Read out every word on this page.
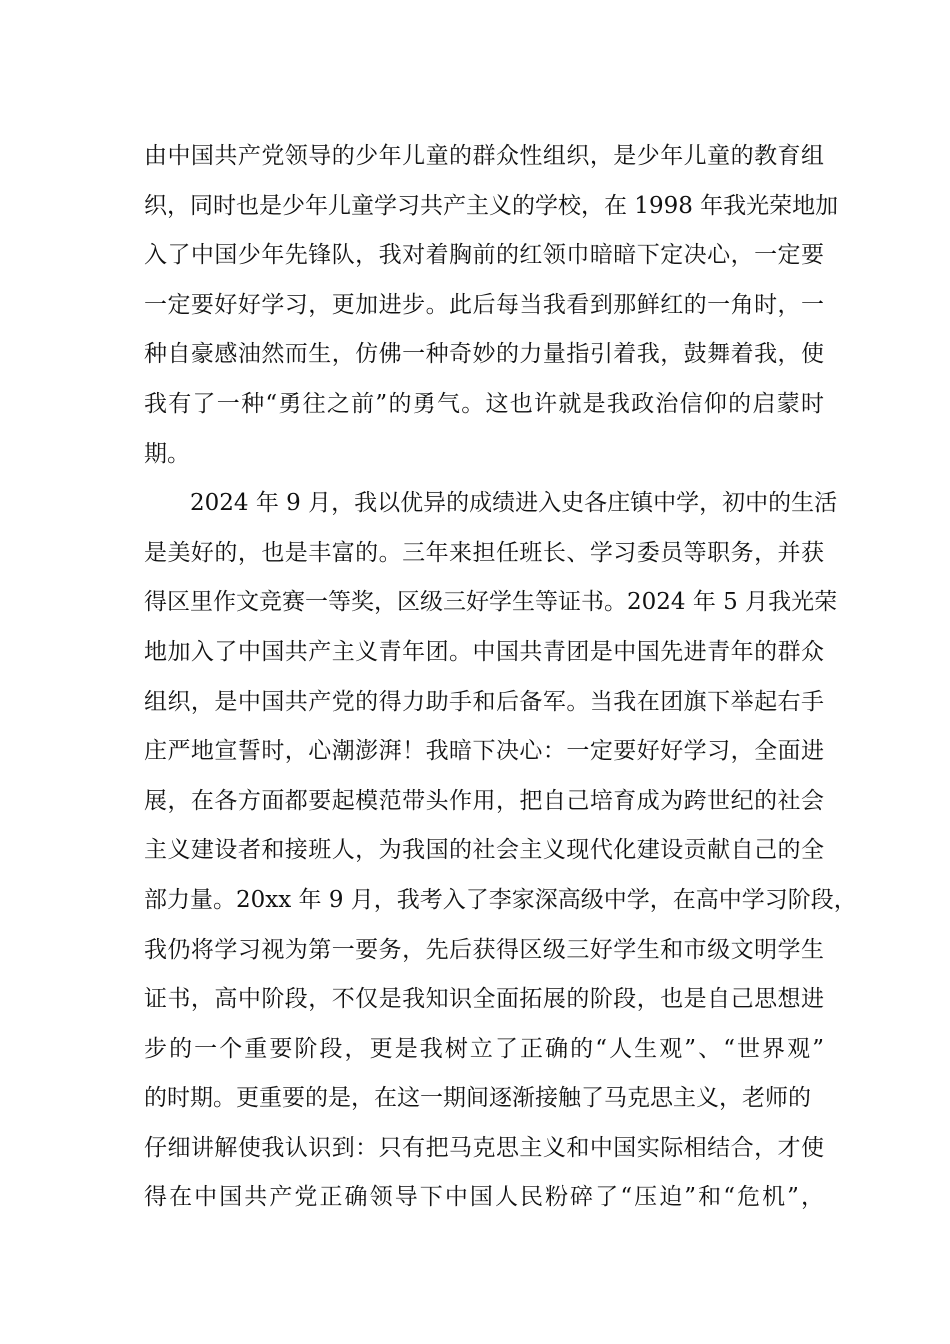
由中国共产党领导的少年儿童的群众性组织，是少年儿童的教育组
织，同时也是少年儿童学习共产主义的学校，在 1998 年我光荣地加
入了中国少年先锋队，我对着胸前的红领巾暗暗下定决心，一定要
一定要好好学习，更加进步。此后每当我看到那鲜红的一角时，一
种自豪感油然而生，仿佛一种奇妙的力量指引着我，鼓舞着我，使
我有了一种“勇往之前”的勇气。这也许就是我政治信仰的启蒙时
期。
2024 年 9 月，我以优异的成绩进入史各庄镇中学，初中的生活
是美好的，也是丰富的。三年来担任班长、学习委员等职务，并获
得区里作文竞赛一等奖，区级三好学生等证书。2024 年 5 月我光荣
地加入了中国共产主义青年团。中国共青团是中国先进青年的群众
组织，是中国共产党的得力助手和后备军。当我在团旗下举起右手
庄严地宣誓时，心潮澎湃！我暗下决心：一定要好好学习，全面进
展，在各方面都要起模范带头作用，把自己培育成为跨世纪的社会
主义建设者和接班人，为我国的社会主义现代化建设贡献自己的全
部力量。20xx 年 9 月，我考入了李家深高级中学，在高中学习阶段，
我仍将学习视为第一要务，先后获得区级三好学生和市级文明学生
证书，高中阶段，不仅是我知识全面拓展的阶段，也是自己思想进
步的一个重要阶段，更是我树立了正确的“人生观”、“世界观”
的时期。更重要的是，在这一期间逐渐接触了马克思主义，老师的
仔细讲解使我认识到：只有把马克思主义和中国实际相结合，才使
得在中国共产党正确领导下中国人民粉碎了“压迫”和“危机”，
